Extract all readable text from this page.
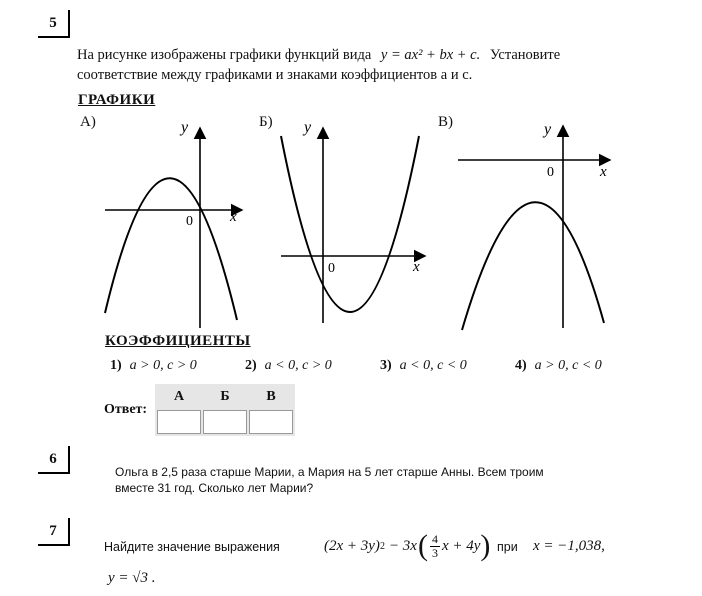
5
На рисунке изображены графики функций вида y = ax² + bx + c. Установите
соответствие между графиками и знаками коэффициентов a и c.
ГРАФИКИ
А)	Б)	В)
y
x
0
y
x
0
y
x
0
КОЭФФИЦИЕНТЫ
1) a > 0, c > 0	2) a < 0, c > 0	3) a < 0, c < 0	4) a > 0, c < 0
Ответ:
А	Б	В

6
Ольга в 2,5 раза старше Марии, а Мария на 5 лет старше Анны. Всем троим
вместе 31 год. Сколько лет Марии?
7
Найдите значение выражения	(2x + 3y) 2 − 3x ( $\frac{4}{3}$ x + 4y ) при x = −1,038,
y = √3 .
